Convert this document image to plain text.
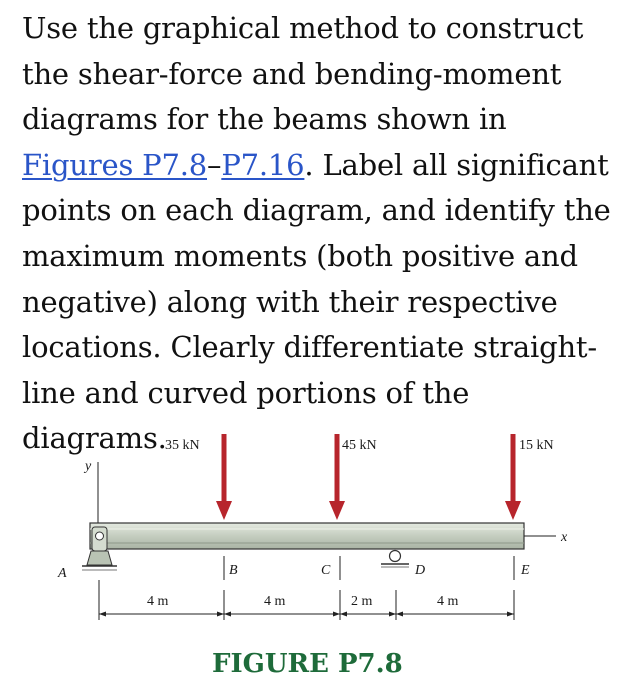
Use the graphical method to construct the shear-force and bending-moment diagrams for the beams shown in Figures P7.8–P7.16. Label all significant points on each diagram, and identify the maximum moments (both positive and negative) along with their respective locations. Clearly differentiate straight-line and curved portions of the diagrams.
y
x
A	B	C	D	E
35 kN	45 kN	15 kN
4 m	4 m	2 m	4 m
FIGURE P7.8
